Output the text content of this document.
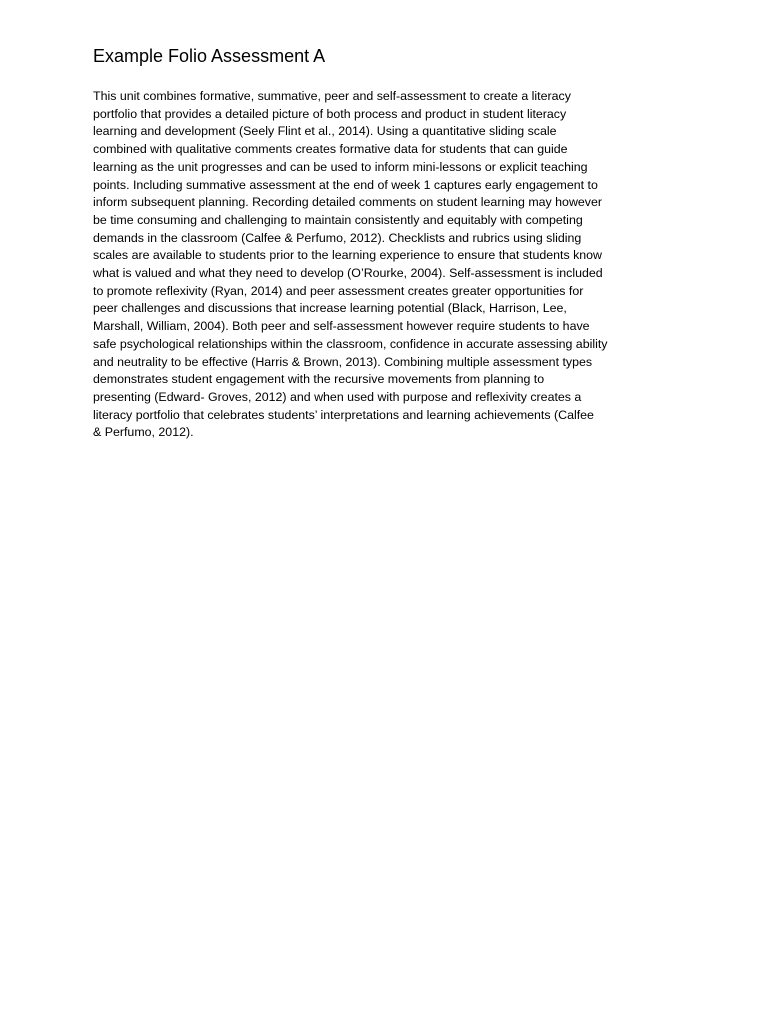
Example Folio Assessment A
This unit combines formative, summative, peer and self-assessment to create a literacy
portfolio that provides a detailed picture of both process and product in student literacy
learning and development (Seely Flint et al., 2014). Using a quantitative sliding scale
combined with qualitative comments creates formative data for students that can guide
learning as the unit progresses and can be used to inform mini-lessons or explicit teaching
points. Including summative assessment at the end of week 1 captures early engagement to
inform subsequent planning. Recording detailed comments on student learning may however
be time consuming and challenging to maintain consistently and equitably with competing
demands in the classroom (Calfee & Perfumo, 2012). Checklists and rubrics using sliding
scales are available to students prior to the learning experience to ensure that students know
what is valued and what they need to develop (O’Rourke, 2004). Self-assessment is included
to promote reflexivity (Ryan, 2014) and peer assessment creates greater opportunities for
peer challenges and discussions that increase learning potential (Black, Harrison, Lee,
Marshall, William, 2004). Both peer and self-assessment however require students to have
safe psychological relationships within the classroom, confidence in accurate assessing ability
and neutrality to be effective (Harris & Brown, 2013). Combining multiple assessment types
demonstrates student engagement with the recursive movements from planning to
presenting (Edward- Groves, 2012) and when used with purpose and reflexivity creates a
literacy portfolio that celebrates students’ interpretations and learning achievements (Calfee
& Perfumo, 2012).
